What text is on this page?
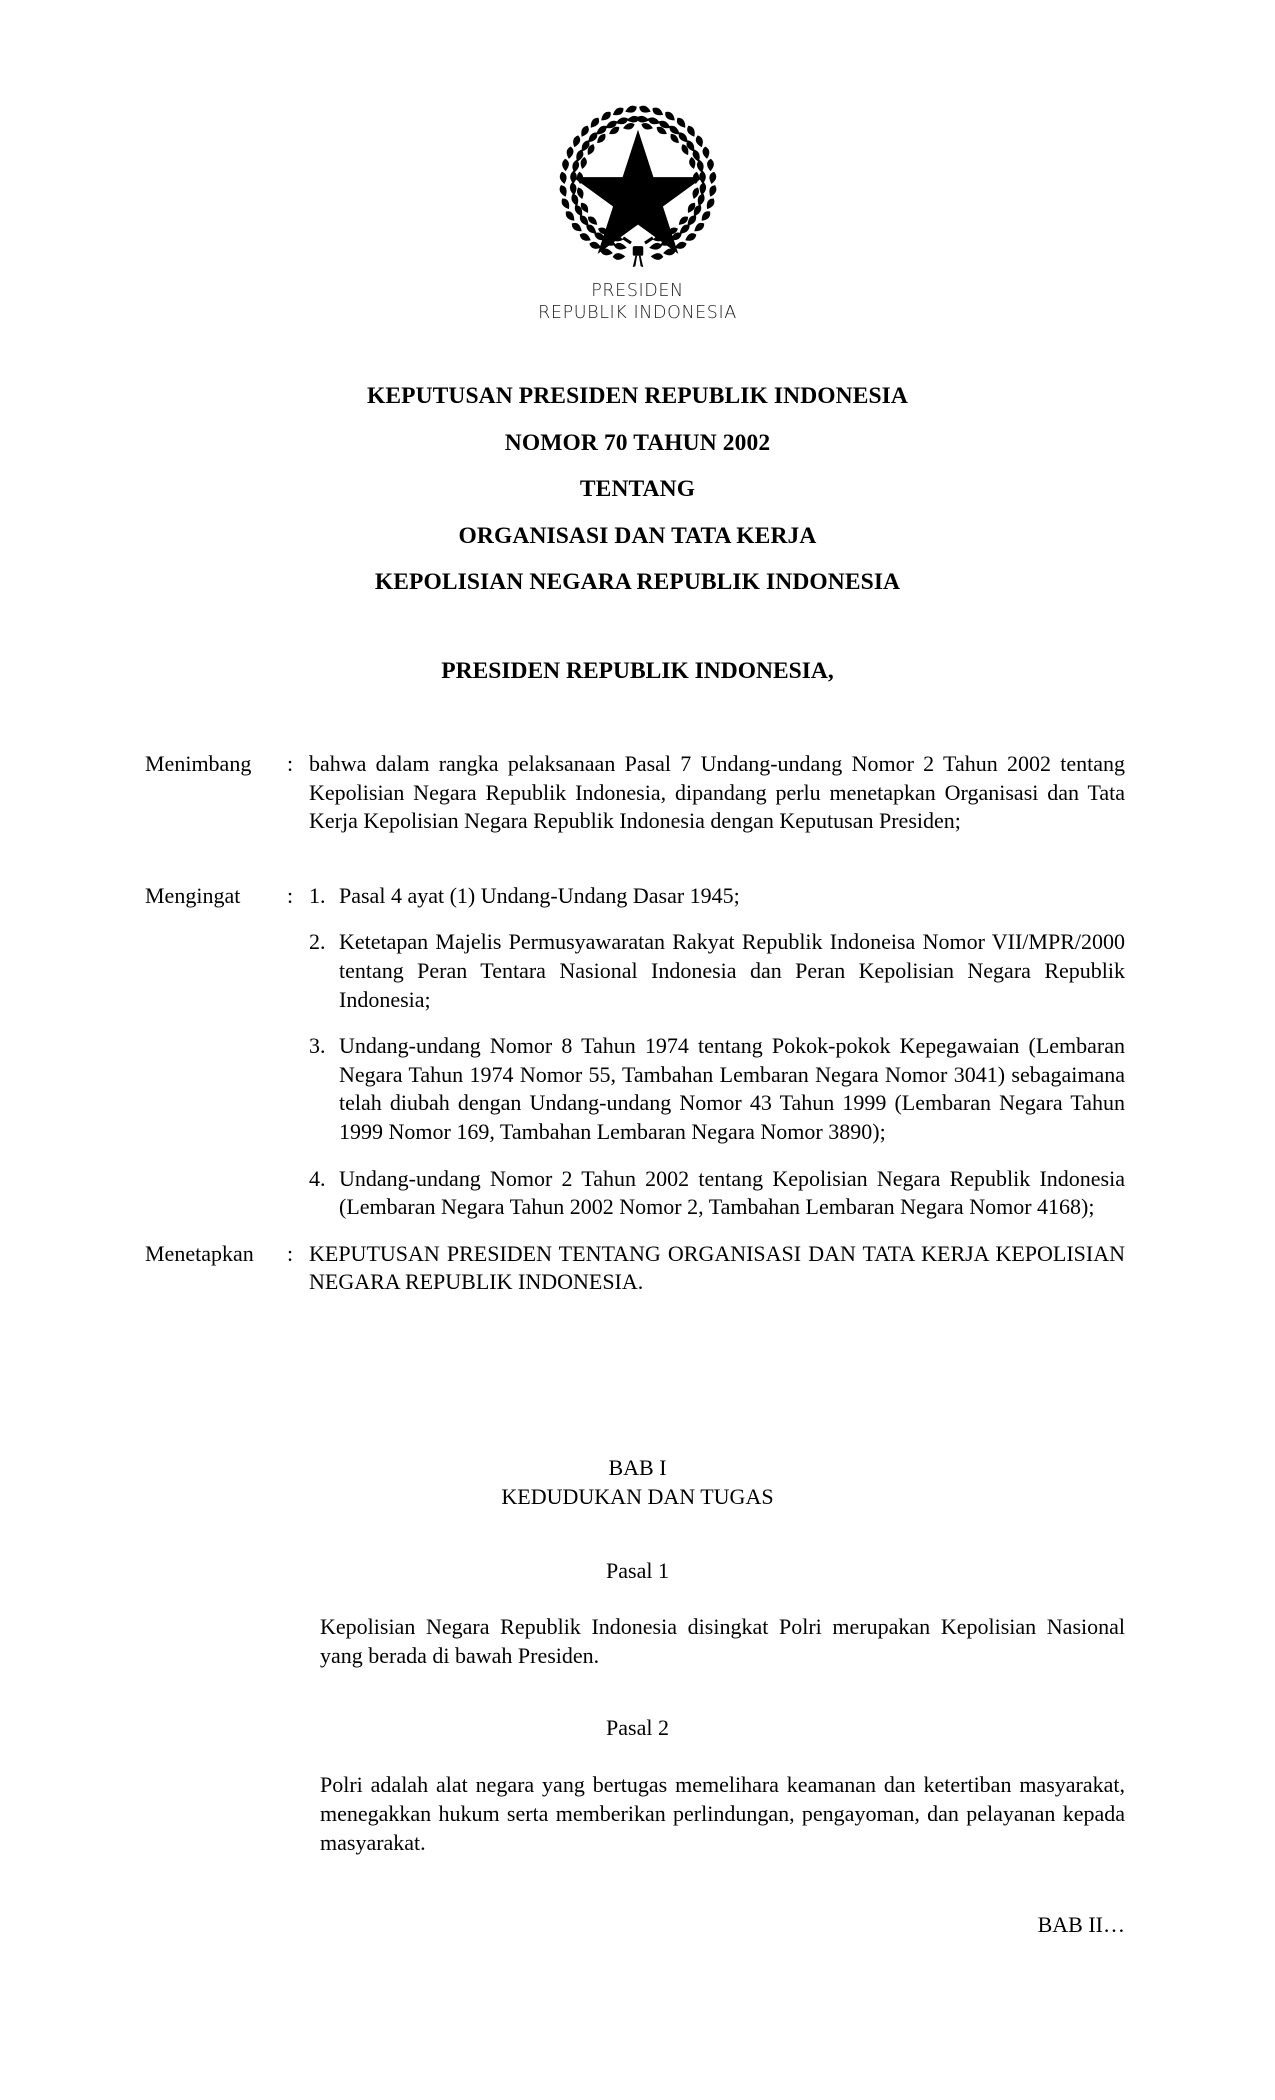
PRESIDEN
REPUBLIK INDONESIA
KEPUTUSAN PRESIDEN REPUBLIK INDONESIA
NOMOR 70 TAHUN 2002
TENTANG
ORGANISASI DAN TATA KERJA
KEPOLISIAN NEGARA REPUBLIK INDONESIA
PRESIDEN REPUBLIK INDONESIA,
Menimbang	: bahwa dalam rangka pelaksanaan Pasal 7 Undang-undang Nomor 2 Tahun 2002 tentang Kepolisian Negara Republik Indonesia, dipandang perlu menetapkan Organisasi dan Tata Kerja Kepolisian Negara Republik Indonesia dengan Keputusan Presiden;
Mengingat	: 1. Pasal 4 ayat (1) Undang-Undang Dasar 1945;
2. Ketetapan Majelis Permusyawaratan Rakyat Republik Indoneisa Nomor VII/MPR/2000 tentang Peran Tentara Nasional Indonesia dan Peran Kepolisian Negara Republik Indonesia;
3. Undang-undang Nomor 8 Tahun 1974 tentang Pokok-pokok Kepegawaian (Lembaran Negara Tahun 1974 Nomor 55, Tambahan Lembaran Negara Nomor 3041) sebagaimana telah diubah dengan Undang-undang Nomor 43 Tahun 1999 (Lembaran Negara Tahun 1999 Nomor 169, Tambahan Lembaran Negara Nomor 3890);
4. Undang-undang Nomor 2 Tahun 2002 tentang Kepolisian Negara Republik Indonesia (Lembaran Negara Tahun 2002 Nomor 2, Tambahan Lembaran Negara Nomor 4168);
Menetapkan	: KEPUTUSAN PRESIDEN TENTANG ORGANISASI DAN TATA KERJA KEPOLISIAN NEGARA REPUBLIK INDONESIA.
BAB I
KEDUDUKAN DAN TUGAS
Pasal 1
Kepolisian Negara Republik Indonesia disingkat Polri merupakan Kepolisian Nasional yang berada di bawah Presiden.
Pasal 2
Polri adalah alat negara yang bertugas memelihara keamanan dan ketertiban masyarakat, menegakkan hukum serta memberikan perlindungan, pengayoman, dan pelayanan kepada masyarakat.
BAB II…
